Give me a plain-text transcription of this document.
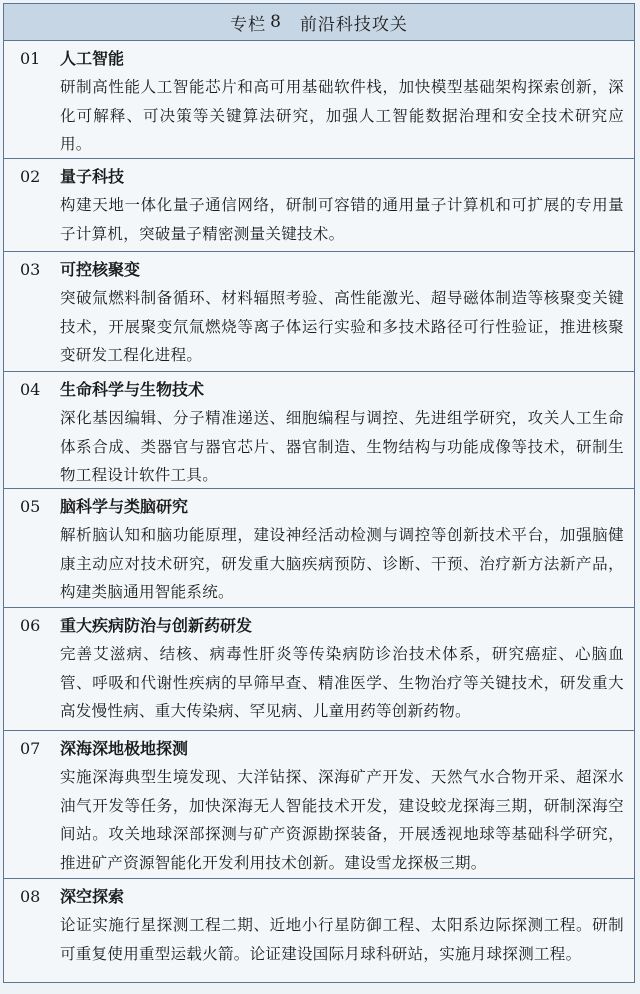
专栏 8 前沿科技攻关
01	人工智能
研制高性能人工智能芯片和高可用基础软件栈，加快模型基础架构探索创新，深化可解释、可决策等关键算法研究，加强人工智能数据治理和安全技术研究应用。
02	量子科技
构建天地一体化量子通信网络，研制可容错的通用量子计算机和可扩展的专用量子计算机，突破量子精密测量关键技术。
03	可控核聚变
突破氚燃料制备循环、材料辐照考验、高性能激光、超导磁体制造等核聚变关键技术，开展聚变氘氚燃烧等离子体运行实验和多技术路径可行性验证，推进核聚变研发工程化进程。
04	生命科学与生物技术
深化基因编辑、分子精准递送、细胞编程与调控、先进组学研究，攻关人工生命体系合成、类器官与器官芯片、器官制造、生物结构与功能成像等技术，研制生物工程设计软件工具。
05	脑科学与类脑研究
解析脑认知和脑功能原理，建设神经活动检测与调控等创新技术平台，加强脑健康主动应对技术研究，研发重大脑疾病预防、诊断、干预、治疗新方法新产品，构建类脑通用智能系统。
06	重大疾病防治与创新药研发
完善艾滋病、结核、病毒性肝炎等传染病防诊治技术体系，研究癌症、心脑血管、呼吸和代谢性疾病的早筛早查、精准医学、生物治疗等关键技术，研发重大高发慢性病、重大传染病、罕见病、儿童用药等创新药物。
07	深海深地极地探测
实施深海典型生境发现、大洋钻探、深海矿产开发、天然气水合物开采、超深水油气开发等任务，加快深海无人智能技术开发，建设蛟龙探海三期，研制深海空间站。攻关地球深部探测与矿产资源勘探装备，开展透视地球等基础科学研究，推进矿产资源智能化开发利用技术创新。建设雪龙探极三期。
08	深空探索
论证实施行星探测工程二期、近地小行星防御工程、太阳系边际探测工程。研制可重复使用重型运载火箭。论证建设国际月球科研站，实施月球探测工程。
